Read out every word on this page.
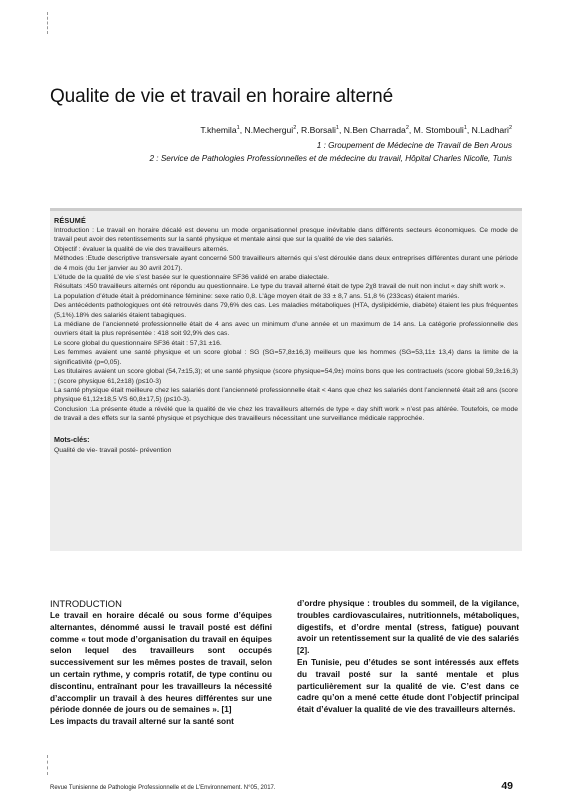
Qualite de vie et travail en horaire alterné
T.khemila$^1$, N.Mechergui$^2$, R.Borsali$^1$, N.Ben Charrada$^2$, M. Stombouli$^1$, N.Ladhari$^2$
1 : Groupement de Médecine de Travail de Ben Arous
2 : Service de Pathologies Professionnelles et de médecine du travail, Hôpital Charles Nicolle, Tunis
RÉSUMÉ

Introduction : Le travail en horaire décalé est devenu un mode organisationnel presque inévitable dans différents secteurs économiques. Ce mode de travail peut avoir des retentissements sur la santé physique et mentale ainsi que sur la qualité de vie des salariés.

Objectif : évaluer la qualité de vie des travailleurs alternés.

Méthodes :Etude descriptive transversale ayant concerné 500 travailleurs alternés qui s’est déroulée dans deux entreprises différentes durant une période de 4 mois (du 1er janvier au 30 avril 2017).

L’étude de la qualité de vie s’est basée sur le questionnaire SF36 validé en arabe dialectale.

Résultats :450 travailleurs alternés ont répondu au questionnaire. Le type du travail alterné était de type 2χ8 travail de nuit non inclut « day shift work ».

La population d’étude était à prédominance féminine: sexe ratio 0,8. L’âge moyen était de 33 ± 8,7 ans. 51,8 % (233cas) étaient mariés.

Des antécédents pathologiques ont été retrouvés dans 79,6% des cas. Les maladies métaboliques (HTA, dyslipidémie, diabète) étaient les plus fréquentes (5,1%).18% des salariés étaient tabagiques.

La médiane de l’ancienneté professionnelle était de 4 ans avec un minimum d’une année et un maximum de 14 ans. La catégorie professionnelle des ouvriers était la plus représentée : 418 soit 92,9% des cas.

Le score global du questionnaire SF36 était : 57,31 ±16.

Les femmes avaient une santé physique et un score global : SG (SG=57,8±16,3) meilleurs que les hommes (SG=53,11± 13,4) dans la limite de la significativité (p=0,05).

Les titulaires avaient un score global (54,7±15,3); et une santé physique (score physique=54,9±) moins bons que les contractuels (score global 59,3±16,3) ; (score physique 61,2±18) (p≤10-3)

La santé physique était meilleure chez les salariés dont l’ancienneté professionnelle était < 4ans que chez les salariés dont l’ancienneté était ≥8 ans (score physique 61,12±18,5 VS 60,8±17,5) (p≤10-3).

Conclusion :La présente étude a révélé que la qualité de vie chez les travailleurs alternés de type « day shift work » n’est pas altérée. Toutefois, ce mode de travail a des effets sur la santé physique et psychique des travailleurs nécessitant une surveillance médicale rapprochée.

Mots-clés:

Qualité de vie- travail posté- prévention

INTRODUCTION

Le travail en horaire décalé ou sous forme d’équipes alternantes, dénommé aussi le travail posté est défini comme « tout mode d’organisation du travail en équipes selon lequel des travailleurs sont occupés successivement sur les mêmes postes de travail, selon un certain rythme, y compris rotatif, de type continu ou discontinu, entraînant pour les travailleurs la nécessité d’accomplir un travail à des heures différentes sur une période donnée de jours ou de semaines ». [1]

Les impacts du travail alterné sur la santé sont

d’ordre physique : troubles du sommeil, de la vigilance, troubles cardiovasculaires, nutritionnels, métaboliques, digestifs, et d’ordre mental (stress, fatigue) pouvant avoir un retentissement sur la qualité de vie des salariés [2].

En Tunisie, peu d’études se sont intéressés aux effets du travail posté sur la santé mentale et plus particulièrement sur la qualité de vie. C’est dans ce cadre qu’on a mené cette étude dont l’objectif principal était d’évaluer la qualité de vie des travailleurs alternés.

Revue Tunisienne de Pathologie Professionnelle et de L’Environnement. N°05, 2017.	49
